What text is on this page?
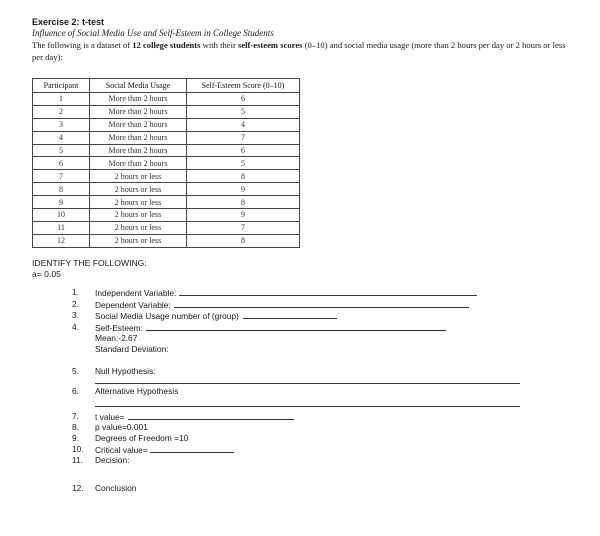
Exercise 2: t-test
Influence of Social Media Use and Self-Esteem in College Students
The following is a dataset of 12 college students with their self-esteem scores (0–10) and social media usage (more than 2 hours per day or 2 hours or less per day):
Participant	Social Media Usage	Self-Esteem Score (0–10)
1	More than 2 hours	6
2	More than 2 hours	5
3	More than 2 hours	4
4	More than 2 hours	7
5	More than 2 hours	6
6	More than 2 hours	5
7	2 hours or less	8
8	2 hours or less	9
9	2 hours or less	8
10	2 hours or less	9
11	2 hours or less	7
12	2 hours or less	8
IDENTIFY THE FOLLOWING:
a= 0.05
1.	Independent Variable:
2.	Dependent Variable:
3.	Social Media Usage number of (group)
4.	Self-Esteem:
Mean:-2.67
Standard Deviation:
5.	Null Hypothesis:
6.	Alternative Hypothesis
7.	t value=
8.	p value=0.001
9.	Degrees of Freedom =10
10.	Critical value=
11.	Decision:
12.	Conclusion
